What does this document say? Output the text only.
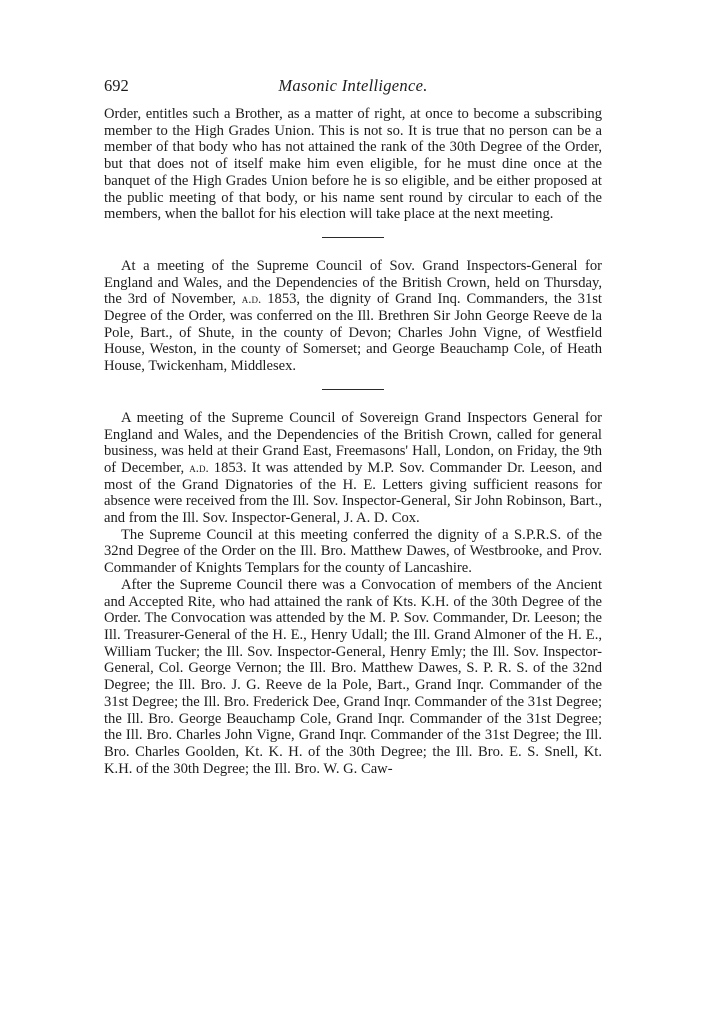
692	Masonic Intelligence.

Order, entitles such a Brother, as a matter of right, at once to become a subscribing member to the High Grades Union. This is not so. It is true that no person can be a member of that body who has not attained the rank of the 30th Degree of the Order, but that does not of itself make him even eligible, for he must dine once at the banquet of the High Grades Union before he is so eligible, and be either proposed at the public meeting of that body, or his name sent round by circular to each of the members, when the ballot for his election will take place at the next meeting.

At a meeting of the Supreme Council of Sov. Grand Inspectors-General for England and Wales, and the Dependencies of the British Crown, held on Thursday, the 3rd of November, a.d. 1853, the dignity of Grand Inq. Commanders, the 31st Degree of the Order, was conferred on the Ill. Brethren Sir John George Reeve de la Pole, Bart., of Shute, in the county of Devon; Charles John Vigne, of Westfield House, Weston, in the county of Somerset; and George Beauchamp Cole, of Heath House, Twickenham, Middlesex.

A meeting of the Supreme Council of Sovereign Grand Inspectors General for England and Wales, and the Dependencies of the British Crown, called for general business, was held at their Grand East, Freemasons' Hall, London, on Friday, the 9th of December, a.d. 1853. It was attended by M.P. Sov. Commander Dr. Leeson, and most of the Grand Dignatories of the H. E. Letters giving sufficient reasons for absence were received from the Ill. Sov. Inspector-General, Sir John Robinson, Bart., and from the Ill. Sov. Inspector-General, J. A. D. Cox.

The Supreme Council at this meeting conferred the dignity of a S.P.R.S. of the 32nd Degree of the Order on the Ill. Bro. Matthew Dawes, of Westbrooke, and Prov. Commander of Knights Templars for the county of Lancashire.

After the Supreme Council there was a Convocation of members of the Ancient and Accepted Rite, who had attained the rank of Kts. K.H. of the 30th Degree of the Order. The Convocation was attended by the M. P. Sov. Commander, Dr. Leeson; the Ill. Treasurer-General of the H. E., Henry Udall; the Ill. Grand Almoner of the H. E., William Tucker; the Ill. Sov. Inspector-General, Henry Emly; the Ill. Sov. Inspector-General, Col. George Vernon; the Ill. Bro. Matthew Dawes, S. P. R. S. of the 32nd Degree; the Ill. Bro. J. G. Reeve de la Pole, Bart., Grand Inqr. Commander of the 31st Degree; the Ill. Bro. Frederick Dee, Grand Inqr. Commander of the 31st Degree; the Ill. Bro. George Beauchamp Cole, Grand Inqr. Commander of the 31st Degree; the Ill. Bro. Charles John Vigne, Grand Inqr. Commander of the 31st Degree; the Ill. Bro. Charles Goolden, Kt. K. H. of the 30th Degree; the Ill. Bro. E. S. Snell, Kt. K.H. of the 30th Degree; the Ill. Bro. W. G. Caw-
